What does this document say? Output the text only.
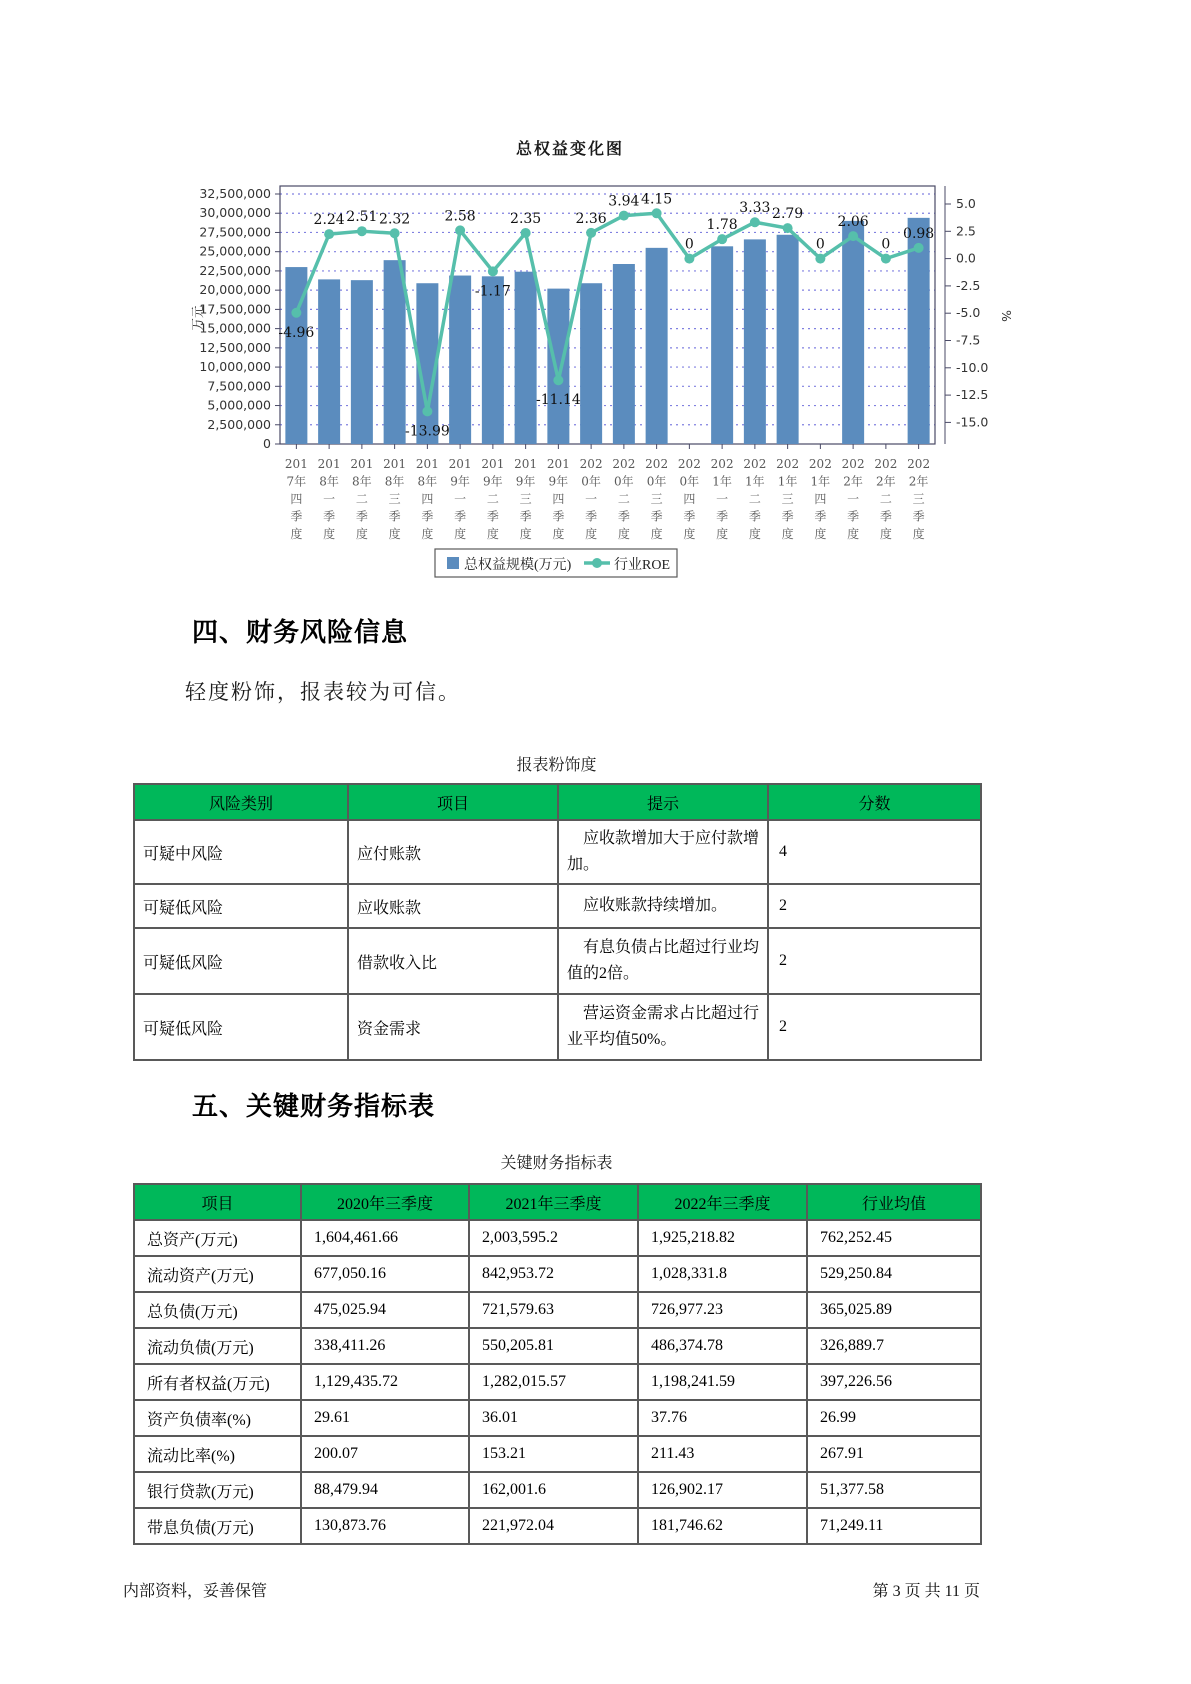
总权益变化图
0
2,500,000
5,000,000
7,500,000
10,000,000
12,500,000
15,000,000
17,500,000
20,000,000
22,500,000
25,000,000
27,500,000
30,000,000
32,500,000
万元
201
7年
四
季
度
201
8年
一
季
度
201
8年
二
季
度
201
8年
三
季
度
201
8年
四
季
度
201
9年
一
季
度
201
9年
二
季
度
201
9年
三
季
度
201
9年
四
季
度
202
0年
一
季
度
202
0年
二
季
度
202
0年
三
季
度
202
0年
四
季
度
202
1年
一
季
度
202
1年
二
季
度
202
1年
三
季
度
202
1年
四
季
度
202
2年
一
季
度
202
2年
二
季
度
202
2年
三
季
度
5.0
2.5
0.0
-2.5
-5.0
-7.5
-10.0
-12.5
-15.0
%
-4.96
2.24 2.51 2.32
-13.99
2.58
-1.17
2.35
-11.14
2.36
3.94 4.15
0
1.78
3.33 2.79
0
2.06
0
0.98
总权益规模(万元)	行业ROE
四、财务风险信息
轻度粉饰，报表较为可信。
报表粉饰度
风险类别	项目	提示	分数
可疑中风险	应付账款	应收款增加大于应付款增加。	4
可疑低风险	应收账款	应收账款持续增加。	2
可疑低风险	借款收入比	有息负债占比超过行业均值的2倍。	2
可疑低风险	资金需求	营运资金需求占比超过行业平均值50%。	2
五、关键财务指标表
关键财务指标表
项目	2020年三季度	2021年三季度	2022年三季度	行业均值
总资产(万元)	1,604,461.66	2,003,595.2	1,925,218.82	762,252.45
流动资产(万元)	677,050.16	842,953.72	1,028,331.8	529,250.84
总负债(万元)	475,025.94	721,579.63	726,977.23	365,025.89
流动负债(万元)	338,411.26	550,205.81	486,374.78	326,889.7
所有者权益(万元)	1,129,435.72	1,282,015.57	1,198,241.59	397,226.56
资产负债率(%)	29.61	36.01	37.76	26.99
流动比率(%)	200.07	153.21	211.43	267.91
银行贷款(万元)	88,479.94	162,001.6	126,902.17	51,377.58
带息负债(万元)	130,873.76	221,972.04	181,746.62	71,249.11
内部资料，妥善保管	第 3 页 共 11 页
